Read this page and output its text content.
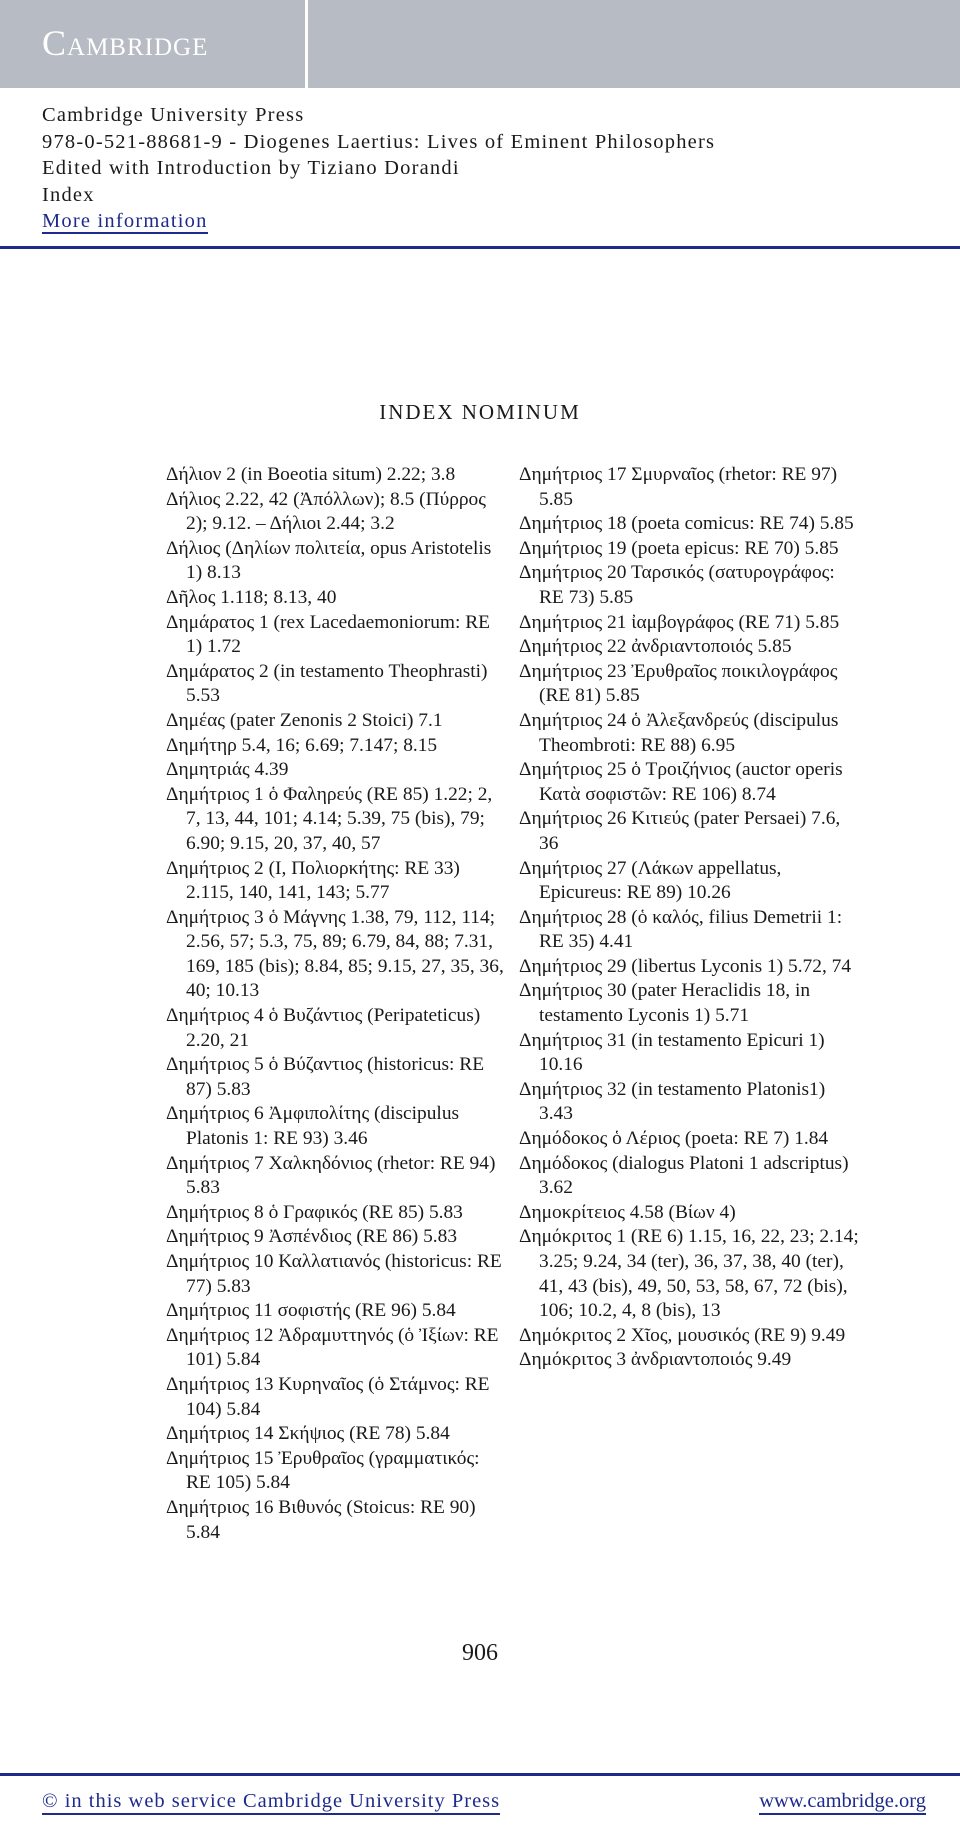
Cambridge
Cambridge University Press
978-0-521-88681-9 - Diogenes Laertius: Lives of Eminent Philosophers
Edited with Introduction by Tiziano Dorandi
Index
More information
INDEX NOMINUM

Δήλιον 2 (in Boeotia situm) 2.22; 3.8

Δήλιος 2.22, 42 (Ἀπόλλων); 8.5 (Πύρρος 2); 9.12. – Δήλιοι 2.44; 3.2

Δήλιος (Δηλίων πολιτεία, opus Aristotelis 1) 8.13

Δῆλος 1.118; 8.13, 40

Δημάρατος 1 (rex Lacedaemoniorum: RE 1) 1.72

Δημάρατος 2 (in testamento Theophrasti) 5.53

Δημέας (pater Zenonis 2 Stoici) 7.1

Δημήτηρ 5.4, 16; 6.69; 7.147; 8.15

Δημητριάς 4.39

Δημήτριος 1 ὁ Φαληρεύς (RE 85) 1.22; 2, 7, 13, 44, 101; 4.14; 5.39, 75 (bis), 79; 6.90; 9.15, 20, 37, 40, 57

Δημήτριος 2 (I, Πολιορκήτης: RE 33) 2.115, 140, 141, 143; 5.77

Δημήτριος 3 ὁ Μάγνης 1.38, 79, 112, 114; 2.56, 57; 5.3, 75, 89; 6.79, 84, 88; 7.31, 169, 185 (bis); 8.84, 85; 9.15, 27, 35, 36, 40; 10.13

Δημήτριος 4 ὁ Βυζάντιος (Peripateticus) 2.20, 21

Δημήτριος 5 ὁ Βύζαντιος (historicus: RE 87) 5.83

Δημήτριος 6 Ἀμφιπολίτης (discipulus Platonis 1: RE 93) 3.46

Δημήτριος 7 Χαλκηδόνιος (rhetor: RE 94) 5.83

Δημήτριος 8 ὁ Γραφικός (RE 85) 5.83

Δημήτριος 9 Ἀσπένδιος (RE 86) 5.83

Δημήτριος 10 Καλλατιανός (historicus: RE 77) 5.83

Δημήτριος 11 σοφιστής (RE 96) 5.84

Δημήτριος 12 Ἀδραμυττηνός (ὁ Ἰξίων: RE 101) 5.84

Δημήτριος 13 Κυρηναῖος (ὁ Στάμνος: RE 104) 5.84

Δημήτριος 14 Σκήψιος (RE 78) 5.84

Δημήτριος 15 Ἐρυθραῖος (γραμματικός: RE 105) 5.84

Δημήτριος 16 Βιθυνός (Stoicus: RE 90) 5.84

Δημήτριος 17 Σμυρναῖος (rhetor: RE 97) 5.85

Δημήτριος 18 (poeta comicus: RE 74) 5.85

Δημήτριος 19 (poeta epicus: RE 70) 5.85

Δημήτριος 20 Ταρσικός (σατυρογράφος: RE 73) 5.85

Δημήτριος 21 ἰαμβογράφος (RE 71) 5.85

Δημήτριος 22 ἀνδριαντοποιός 5.85

Δημήτριος 23 Ἐρυθραῖος ποικιλογράφος (RE 81) 5.85

Δημήτριος 24 ὁ Ἀλεξανδρεύς (discipulus Theombroti: RE 88) 6.95

Δημήτριος 25 ὁ Τροιζήνιος (auctor operis Κατὰ σοφιστῶν: RE 106) 8.74

Δημήτριος 26 Κιτιεύς (pater Persaei) 7.6, 36

Δημήτριος 27 (Λάκων appellatus, Epicureus: RE 89) 10.26

Δημήτριος 28 (ὁ καλός, filius Demetrii 1: RE 35) 4.41

Δημήτριος 29 (libertus Lyconis 1) 5.72, 74

Δημήτριος 30 (pater Heraclidis 18, in testamento Lyconis 1) 5.71

Δημήτριος 31 (in testamento Epicuri 1) 10.16

Δημήτριος 32 (in testamento Platonis1) 3.43

Δημόδοκος ὁ Λέριος (poeta: RE 7) 1.84

Δημόδοκος (dialogus Platoni 1 adscriptus) 3.62

Δημοκρίτειος 4.58 (Βίων 4)

Δημόκριτος 1 (RE 6) 1.15, 16, 22, 23; 2.14; 3.25; 9.24, 34 (ter), 36, 37, 38, 40 (ter), 41, 43 (bis), 49, 50, 53, 58, 67, 72 (bis), 106; 10.2, 4, 8 (bis), 13

Δημόκριτος 2 Χῖος, μουσικός (RE 9) 9.49

Δημόκριτος 3 ἀνδριαντοποιός 9.49

906
© in this web service Cambridge University Press	www.cambridge.org
